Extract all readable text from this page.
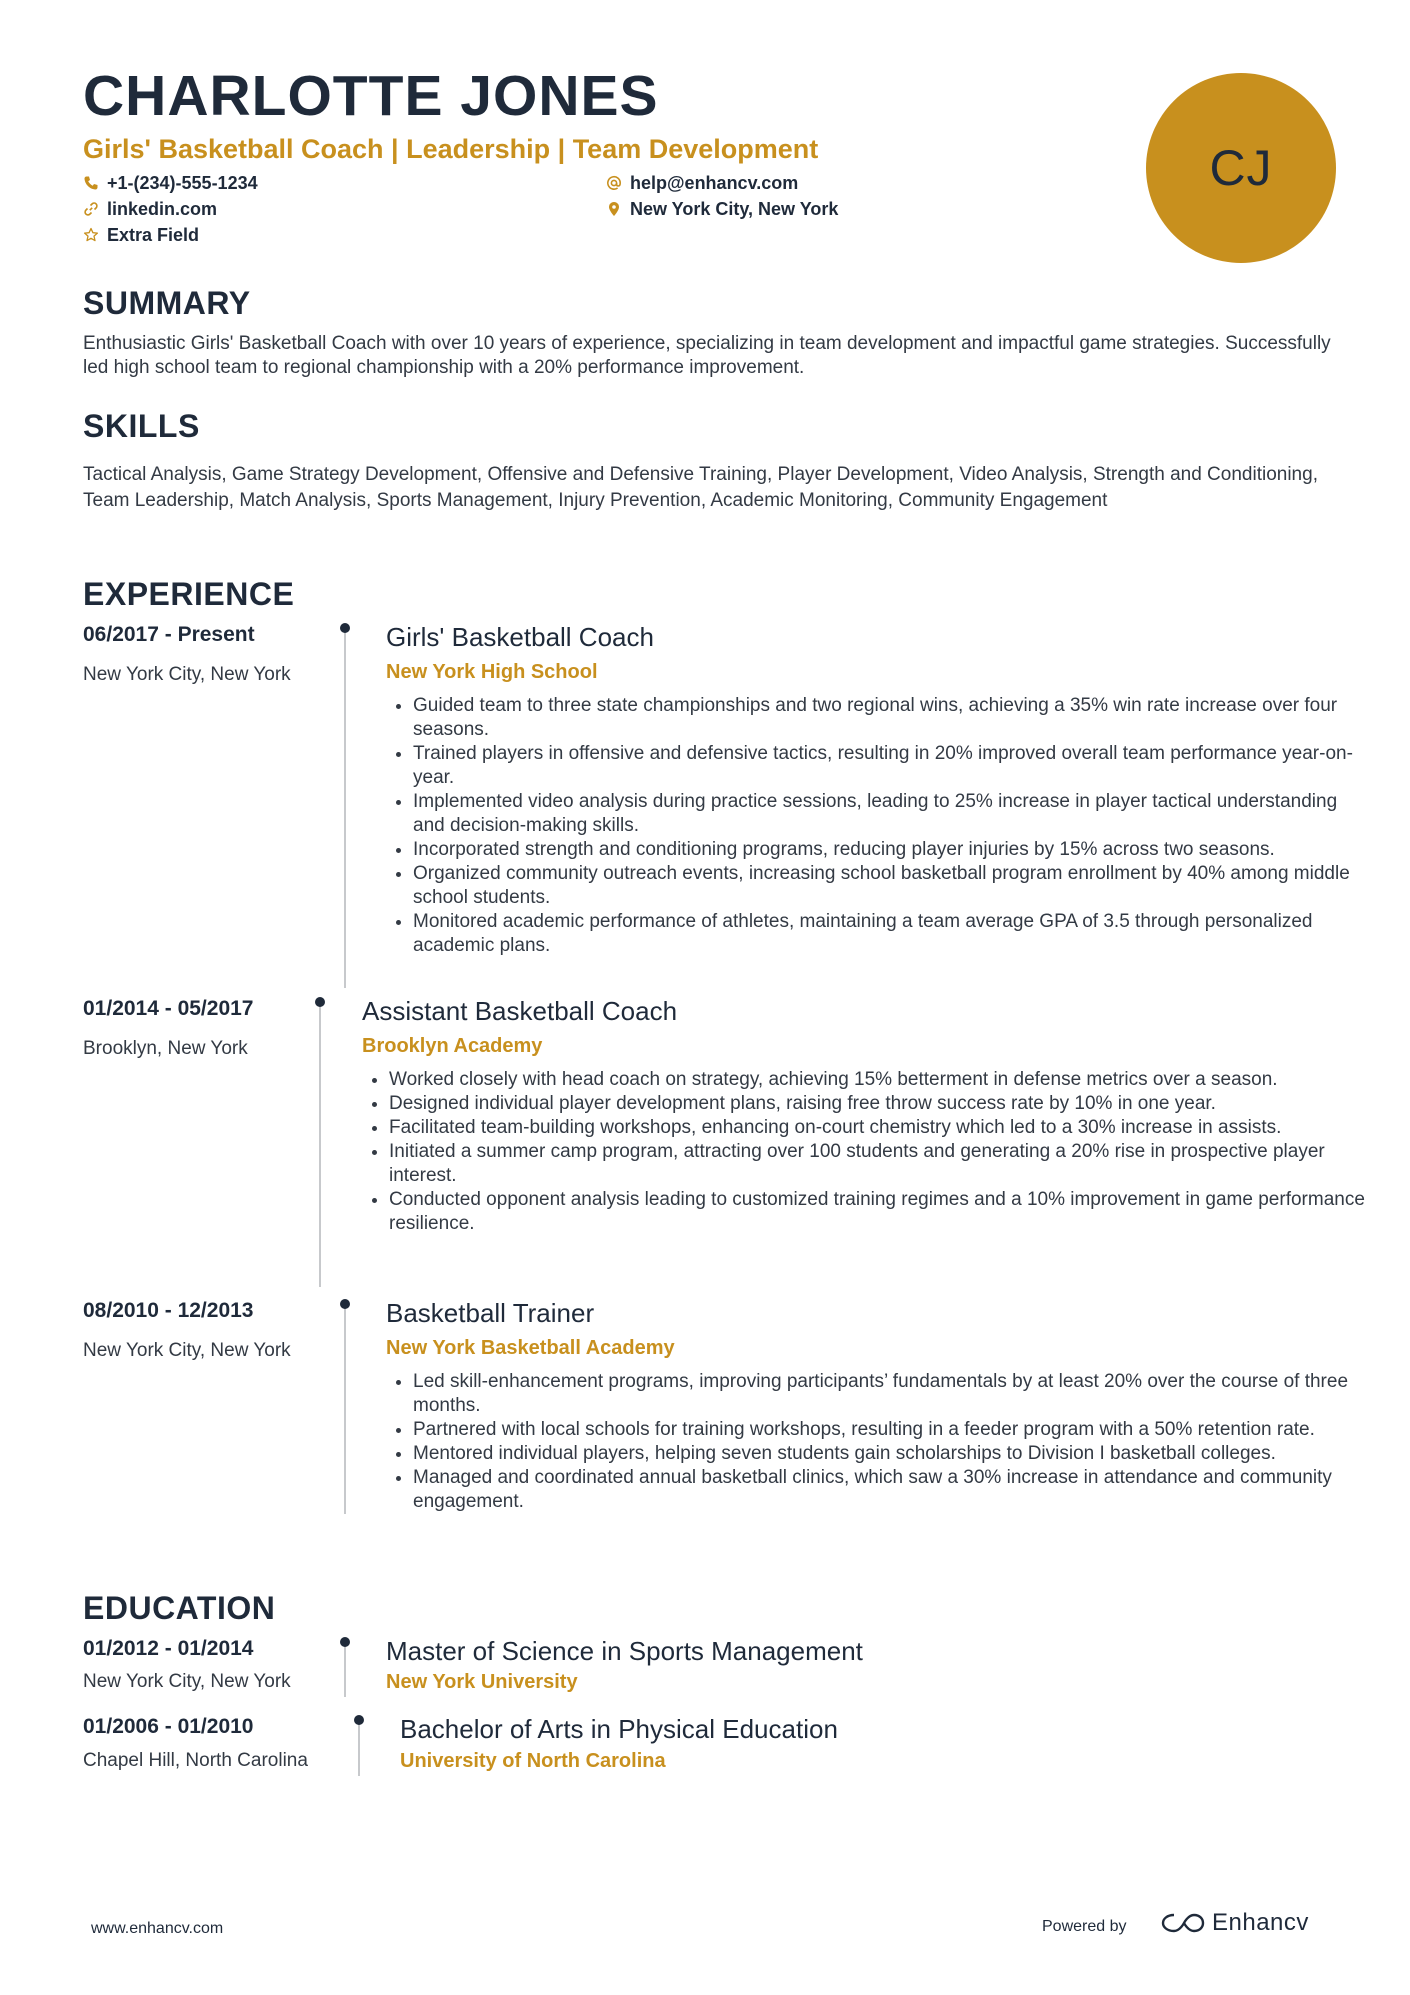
CHARLOTTE JONES
Girls' Basketball Coach | Leadership | Team Development
+1-(234)-555-1234	help@enhancv.com
linkedin.com	New York City, New York
Extra Field
CJ
SUMMARY
Enthusiastic Girls' Basketball Coach with over 10 years of experience, specializing in team development and impactful game strategies. Successfully led high school team to regional championship with a 20% performance improvement.
SKILLS
Tactical Analysis, Game Strategy Development, Offensive and Defensive Training, Player Development, Video Analysis, Strength and Conditioning, Team Leadership, Match Analysis, Sports Management, Injury Prevention, Academic Monitoring, Community Engagement
EXPERIENCE
06/2017 - Present
New York City, New York
Girls' Basketball Coach
New York High School
• Guided team to three state championships and two regional wins, achieving a 35% win rate increase over four seasons.
• Trained players in offensive and defensive tactics, resulting in 20% improved overall team performance year-on-year.
• Implemented video analysis during practice sessions, leading to 25% increase in player tactical understanding and decision-making skills.
• Incorporated strength and conditioning programs, reducing player injuries by 15% across two seasons.
• Organized community outreach events, increasing school basketball program enrollment by 40% among middle school students.
• Monitored academic performance of athletes, maintaining a team average GPA of 3.5 through personalized academic plans.
01/2014 - 05/2017
Brooklyn, New York
Assistant Basketball Coach
Brooklyn Academy
• Worked closely with head coach on strategy, achieving 15% betterment in defense metrics over a season.
• Designed individual player development plans, raising free throw success rate by 10% in one year.
• Facilitated team-building workshops, enhancing on-court chemistry which led to a 30% increase in assists.
• Initiated a summer camp program, attracting over 100 students and generating a 20% rise in prospective player interest.
• Conducted opponent analysis leading to customized training regimes and a 10% improvement in game performance resilience.
08/2010 - 12/2013
New York City, New York
Basketball Trainer
New York Basketball Academy
• Led skill-enhancement programs, improving participants’ fundamentals by at least 20% over the course of three months.
• Partnered with local schools for training workshops, resulting in a feeder program with a 50% retention rate.
• Mentored individual players, helping seven students gain scholarships to Division I basketball colleges.
• Managed and coordinated annual basketball clinics, which saw a 30% increase in attendance and community engagement.
EDUCATION
01/2012 - 01/2014
New York City, New York
Master of Science in Sports Management
New York University
01/2006 - 01/2010
Chapel Hill, North Carolina
Bachelor of Arts in Physical Education
University of North Carolina
www.enhancv.com	Powered by	Enhancv
